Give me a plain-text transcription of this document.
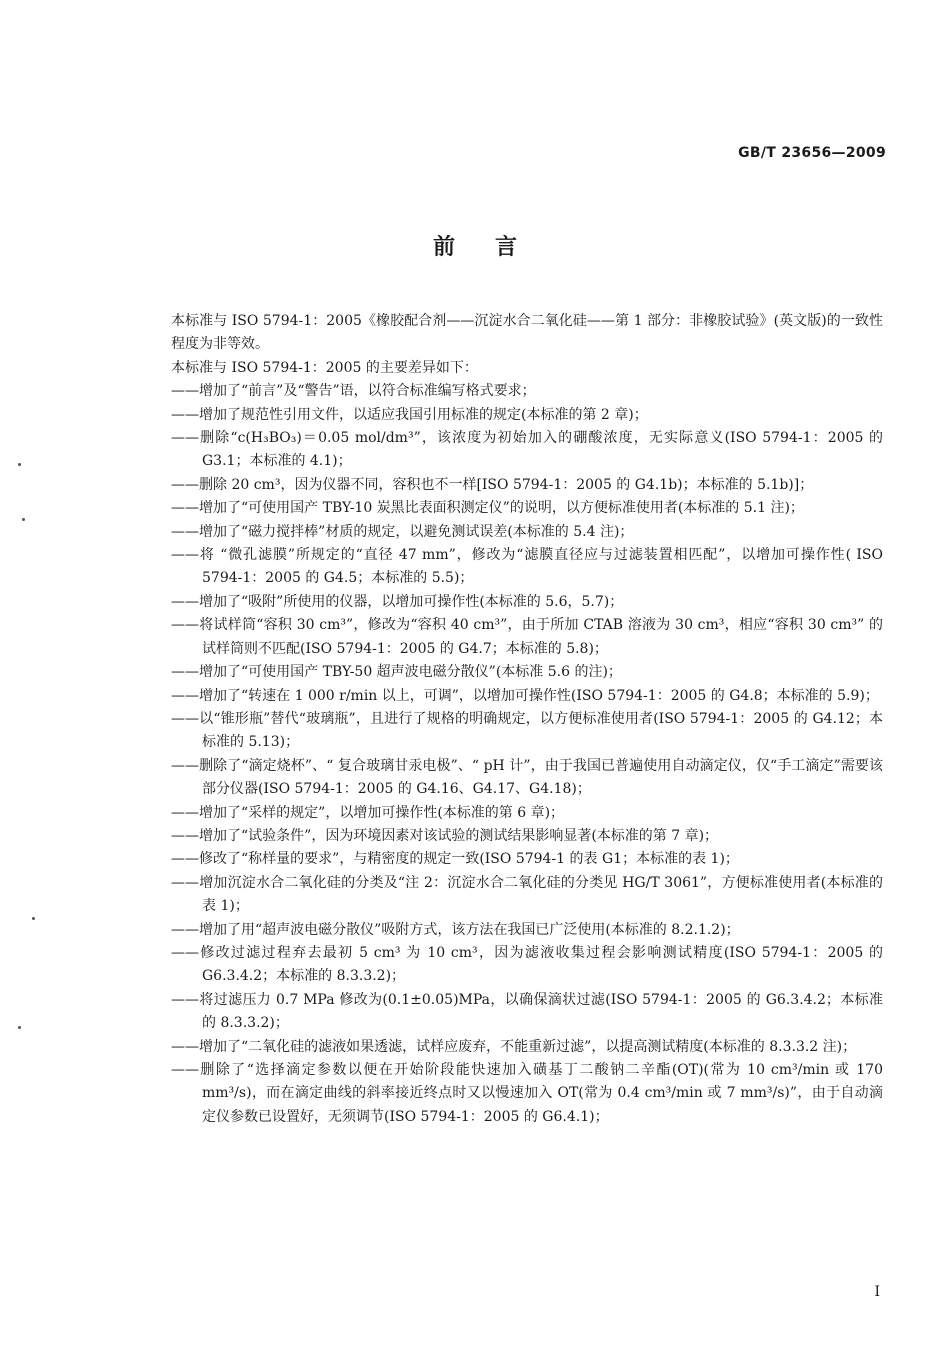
GB/T 23656—2009
前言

本标准与 ISO 5794-1：2005《橡胶配合剂——沉淀水合二氧化硅——第 1 部分：非橡胶试验》(英文版)的一致性程度为非等效。

本标准与 ISO 5794-1：2005 的主要差异如下：

——增加了“前言”及“警告”语，以符合标准编写格式要求；

——增加了规范性引用文件，以适应我国引用标准的规定(本标准的第 2 章)；

——删除“c(H₃BO₃)＝0.05 mol/dm³”，该浓度为初始加入的硼酸浓度，无实际意义(ISO 5794-1：2005 的 G3.1；本标准的 4.1)；

——删除 20 cm³，因为仪器不同，容积也不一样[ISO 5794-1：2005 的 G4.1b)；本标准的 5.1b)]；

——增加了“可使用国产 TBY-10 炭黑比表面积测定仪”的说明，以方便标准使用者(本标准的 5.1 注)；

——增加了“磁力搅拌棒”材质的规定，以避免测试误差(本标准的 5.4 注)；

——将 “微孔滤膜”所规定的“直径 47 mm”，修改为“滤膜直径应与过滤装置相匹配”，以增加可操作性( ISO 5794-1：2005 的 G4.5；本标准的 5.5)；

——增加了“吸附”所使用的仪器，以增加可操作性(本标准的 5.6，5.7)；

——将试样筒“容积 30 cm³”，修改为“容积 40 cm³”，由于所加 CTAB 溶液为 30 cm³，相应“容积 30 cm³” 的试样筒则不匹配(ISO 5794-1：2005 的 G4.7；本标准的 5.8)；

——增加了“可使用国产 TBY-50 超声波电磁分散仪”(本标准 5.6 的注)；

——增加了“转速在 1 000 r/min 以上，可调”，以增加可操作性(ISO 5794-1：2005 的 G4.8；本标准的 5.9)；

——以“锥形瓶”替代“玻璃瓶”，且进行了规格的明确规定，以方便标准使用者(ISO 5794-1：2005 的 G4.12；本标准的 5.13)；

——删除了“滴定烧杯”、“ 复合玻璃甘汞电极”、“ pH 计”，由于我国已普遍使用自动滴定仪，仅“手工滴定”需要该部分仪器(ISO 5794-1：2005 的 G4.16、G4.17、G4.18)；

——增加了“采样的规定”，以增加可操作性(本标准的第 6 章)；

——增加了“试验条件”，因为环境因素对该试验的测试结果影响显著(本标准的第 7 章)；

——修改了“称样量的要求”，与精密度的规定一致(ISO 5794-1 的表 G1；本标准的表 1)；

——增加沉淀水合二氧化硅的分类及“注 2：沉淀水合二氧化硅的分类见 HG/T 3061”，方便标准使用者(本标准的表 1)；

——增加了用“超声波电磁分散仪”吸附方式，该方法在我国已广泛使用(本标准的 8.2.1.2)；

——修改过滤过程弃去最初 5 cm³ 为 10 cm³，因为滤液收集过程会影响测试精度(ISO 5794-1：2005 的 G6.3.4.2；本标准的 8.3.3.2)；

——将过滤压力 0.7 MPa 修改为(0.1±0.05)MPa，以确保滴状过滤(ISO 5794-1：2005 的 G6.3.4.2；本标准的 8.3.3.2)；

——增加了“二氧化硅的滤液如果透滤，试样应废弃，不能重新过滤”，以提高测试精度(本标准的 8.3.3.2 注)；

——删除了“选择滴定参数以便在开始阶段能快速加入磺基丁二酸钠二辛酯(OT)(常为 10 cm³/min 或 170 mm³/s)，而在滴定曲线的斜率接近终点时又以慢速加入 OT(常为 0.4 cm³/min 或 7 mm³/s)”，由于自动滴定仪参数已设置好，无须调节(ISO 5794-1：2005 的 G6.4.1)；

I
